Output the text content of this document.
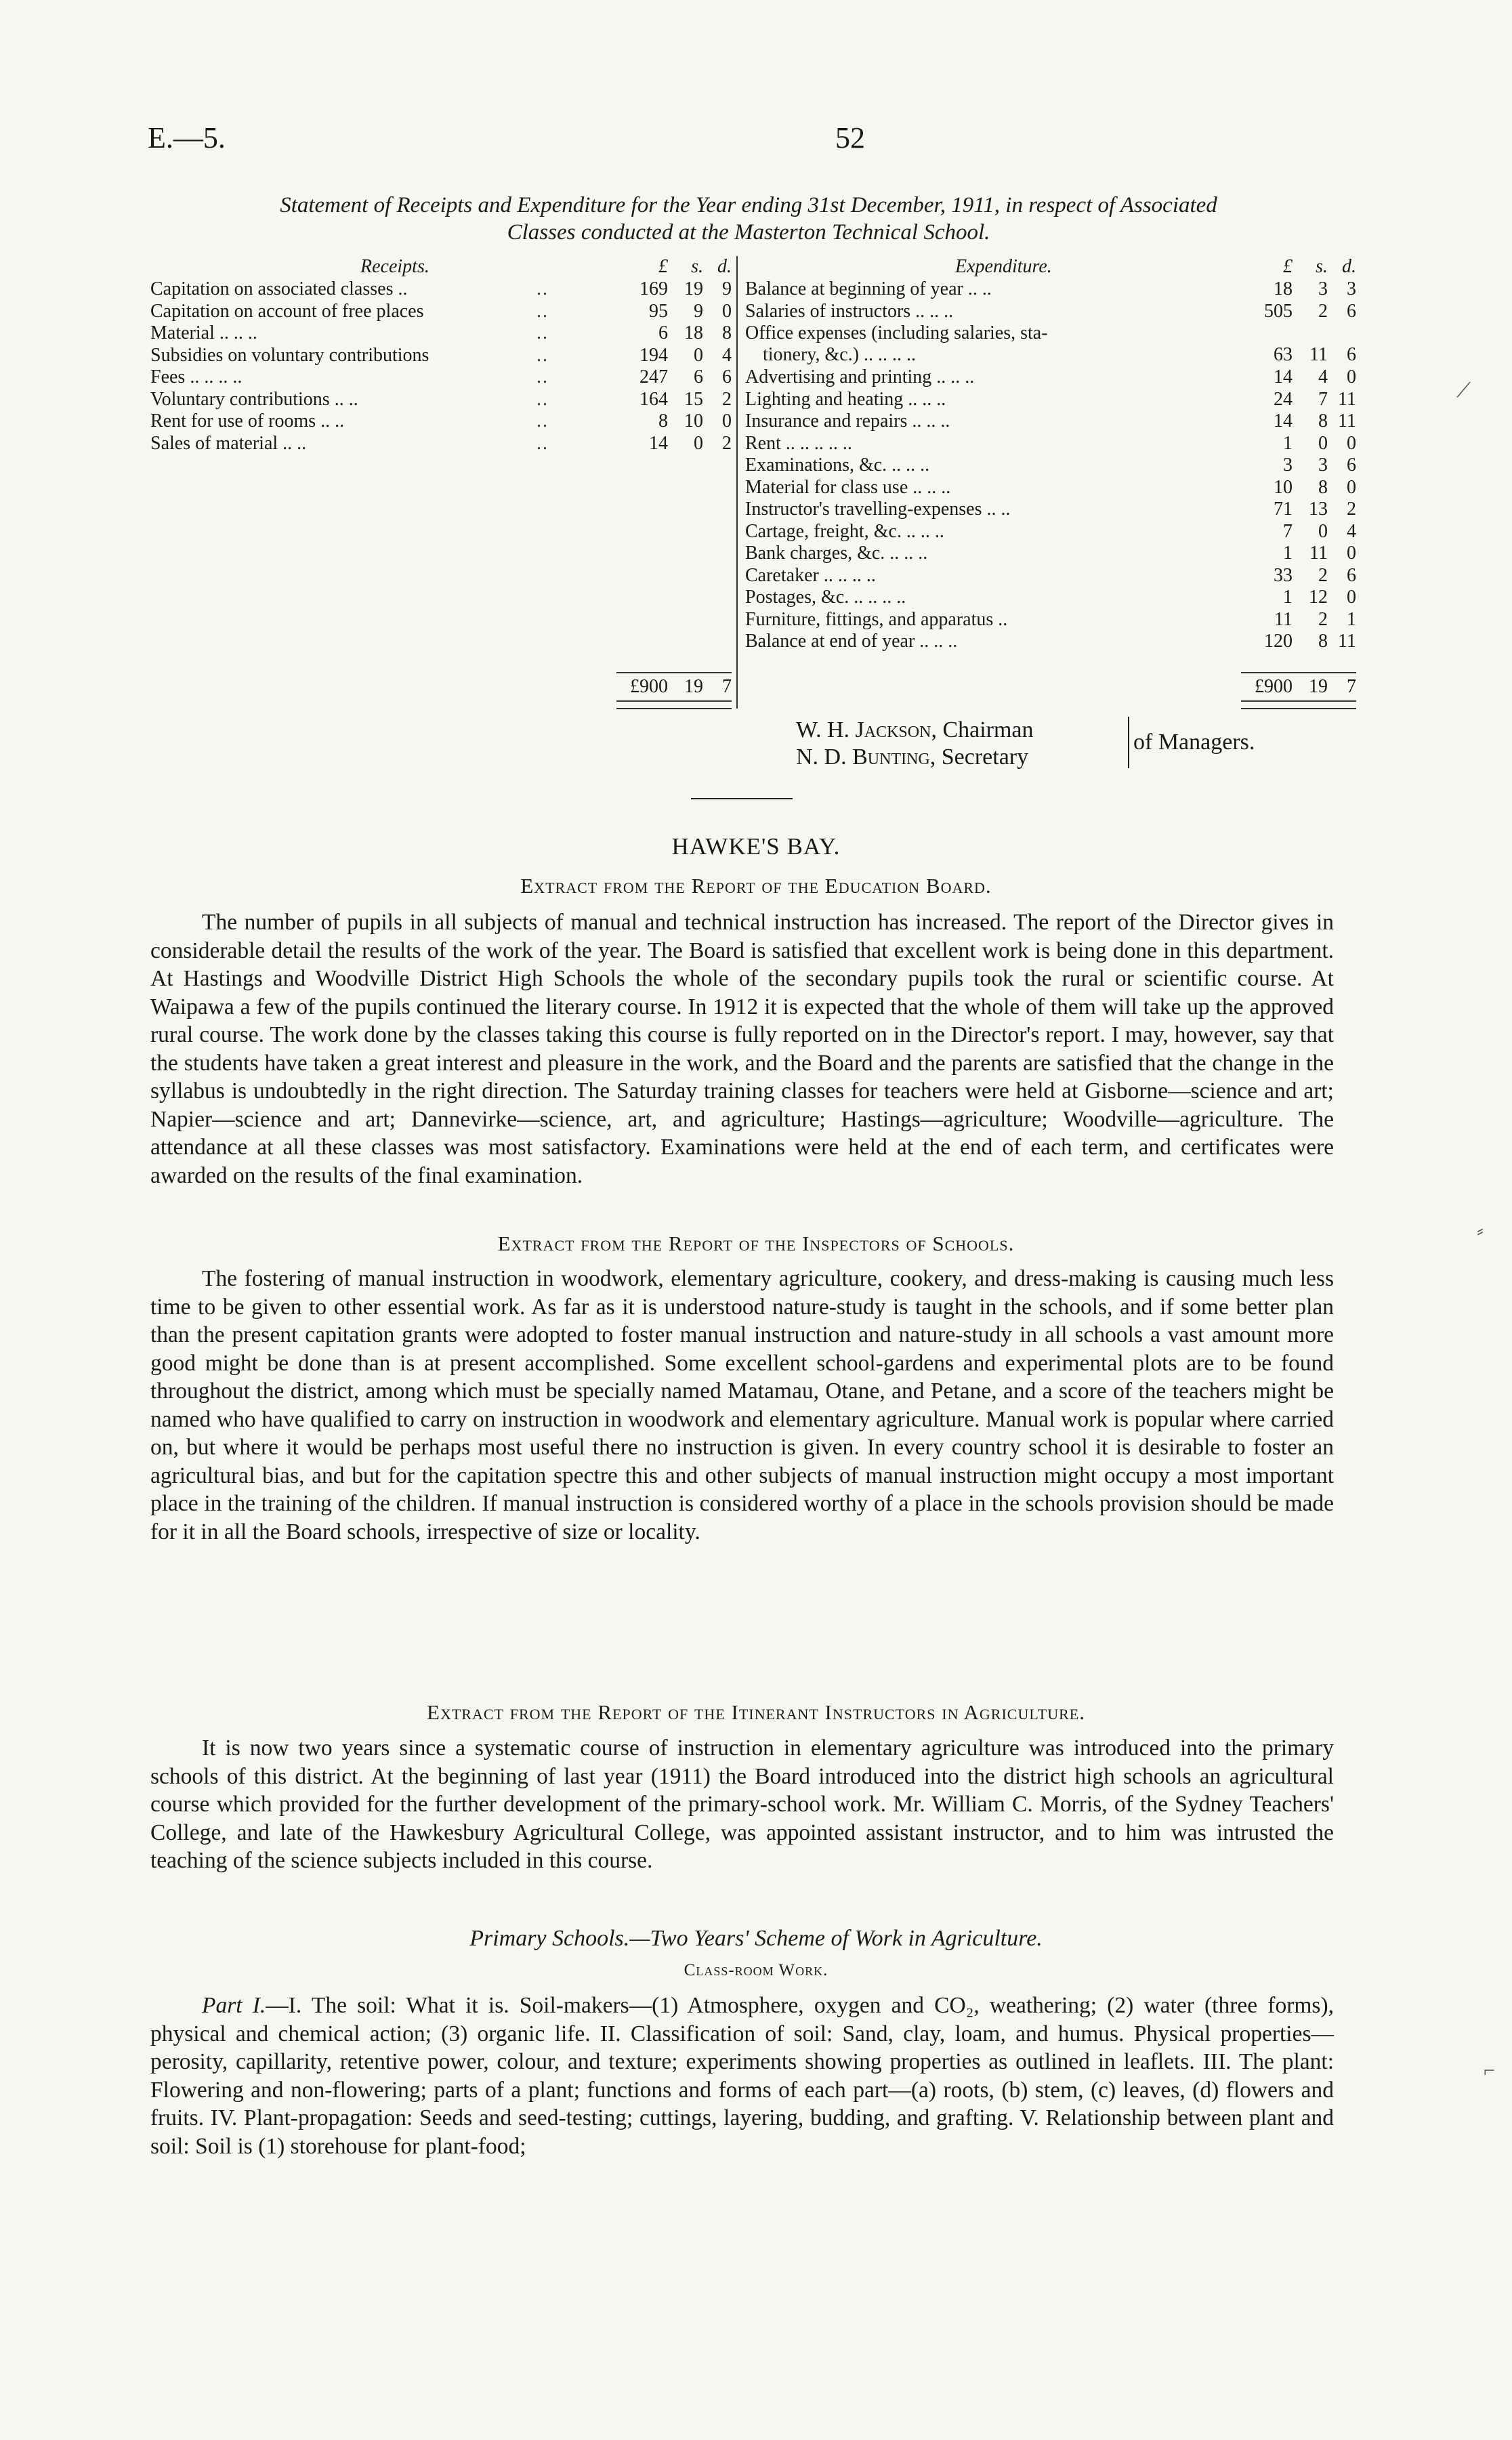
E.—5.	52
Statement of Receipts and Expenditure for the Year ending 31st December, 1911, in respect of Associated
Classes conducted at the Masterton Technical School.
Receipts.	£ s. d.
Capitation on associated classes ..	..	169 19 9
Capitation on account of free places	..	95 9 0
Material .. .. ..	..	6 18 8
Subsidies on voluntary contributions	..	194 0 4
Fees .. .. .. ..	..	247 6 6
Voluntary contributions .. ..	..	164 15 2
Rent for use of rooms .. ..	..	8 10 0
Sales of material .. ..	..	14 0 2
Expenditure.	£ s. d.
Balance at beginning of year .. ..	18 3 3
Salaries of instructors .. .. ..	505 2 6
Office expenses (including salaries, sta-
tionery, &c.) .. .. .. ..	63 11 6
Advertising and printing .. .. ..	14 4 0
Lighting and heating .. .. ..	24 7 11
Insurance and repairs .. .. ..	14 8 11
Rent .. .. .. .. ..	1 0 0
Examinations, &c. .. .. ..	3 3 6
Material for class use .. .. ..	10 8 0
Instructor's travelling-expenses .. ..	71 13 2
Cartage, freight, &c. .. .. ..	7 0 4
Bank charges, &c. .. .. ..	1 11 0
Caretaker .. .. .. ..	33 2 6
Postages, &c. .. .. .. ..	1 12 0
Furniture, fittings, and apparatus ..	11 2 1
Balance at end of year .. .. ..	120 8 11
£900 19 7	£900 19 7
W. H. Jackson, Chairman
N. D. Bunting, Secretary
of Managers.
HAWKE'S BAY.
Extract from the Report of the Education Board.
The number of pupils in all subjects of manual and technical instruction has increased. The report of the Director gives in considerable detail the results of the work of the year. The Board is satisfied that excellent work is being done in this department. At Hastings and Woodville District High Schools the whole of the secondary pupils took the rural or scientific course. At Waipawa a few of the pupils continued the literary course. In 1912 it is expected that the whole of them will take up the approved rural course. The work done by the classes taking this course is fully reported on in the Director's report. I may, however, say that the students have taken a great interest and pleasure in the work, and the Board and the parents are satisfied that the change in the syllabus is undoubtedly in the right direction. The Saturday training classes for teachers were held at Gisborne—science and art; Napier—science and art; Dannevirke—science, art, and agriculture; Hastings—agriculture; Woodville—agriculture. The attendance at all these classes was most satisfactory. Examinations were held at the end of each term, and certificates were awarded on the results of the final examination.
Extract from the Report of the Inspectors of Schools.
The fostering of manual instruction in woodwork, elementary agriculture, cookery, and dress-making is causing much less time to be given to other essential work. As far as it is understood nature-study is taught in the schools, and if some better plan than the present capitation grants were adopted to foster manual instruction and nature-study in all schools a vast amount more good might be done than is at present accomplished. Some excellent school-gardens and experimental plots are to be found throughout the district, among which must be specially named Matamau, Otane, and Petane, and a score of the teachers might be named who have qualified to carry on instruction in woodwork and elementary agriculture. Manual work is popular where carried on, but where it would be perhaps most useful there no instruction is given. In every country school it is desirable to foster an agricultural bias, and but for the capitation spectre this and other subjects of manual instruction might occupy a most important place in the training of the children. If manual instruction is considered worthy of a place in the schools provision should be made for it in all the Board schools, irrespective of size or locality.
Extract from the Report of the Itinerant Instructors in Agriculture.
It is now two years since a systematic course of instruction in elementary agriculture was introduced into the primary schools of this district. At the beginning of last year (1911) the Board introduced into the district high schools an agricultural course which provided for the further development of the primary-school work. Mr. William C. Morris, of the Sydney Teachers' College, and late of the Hawkesbury Agricultural College, was appointed assistant instructor, and to him was intrusted the teaching of the science subjects included in this course.
Primary Schools.—Two Years' Scheme of Work in Agriculture.
Class-room Work.
Part I.—I. The soil: What it is. Soil-makers—(1) Atmosphere, oxygen and CO₂, weathering; (2) water (three forms), physical and chemical action; (3) organic life. II. Classification of soil: Sand, clay, loam, and humus. Physical properties—perosity, capillarity, retentive power, colour, and texture; experiments showing properties as outlined in leaflets. III. The plant: Flowering and non-flowering; parts of a plant; functions and forms of each part—(a) roots, (b) stem, (c) leaves, (d) flowers and fruits. IV. Plant-propagation: Seeds and seed-testing; cuttings, layering, budding, and grafting. V. Relationship between plant and soil: Soil is (1) storehouse for plant-food;
⟋
⸗
⌐
